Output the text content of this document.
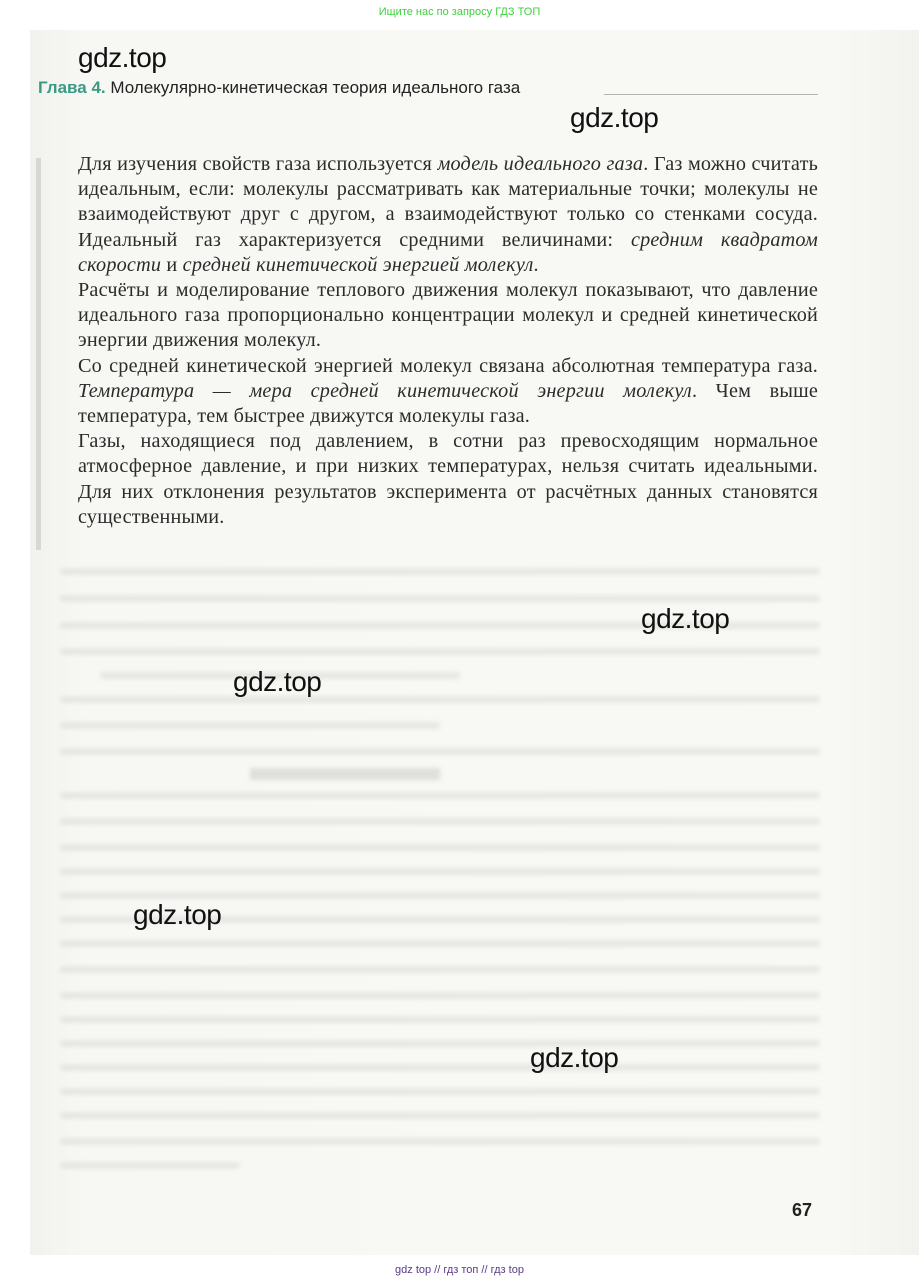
Ищите нас по запросу ГДЗ ТОП
gdz.top
Глава 4. Молекулярно-кинетическая теория идеального газа
gdz.top

Для изучения свойств газа используется модель идеального газа. Газ можно считать идеальным, если: молекулы рассматривать как материальные точки; молекулы не взаимодействуют друг с другом, а взаимодействуют только со стенками сосуда. Идеальный газ характеризуется средними величинами: средним квадратом скорости и средней кинетической энергией молекул.

Расчёты и моделирование теплового движения молекул показывают, что давление идеального газа пропорционально концентрации молекул и средней кинетической энергии движения молекул.

Со средней кинетической энергией молекул связана абсолютная температура газа. Температура — мера средней кинетической энергии молекул. Чем выше температура, тем быстрее движутся молекулы газа.

Газы, находящиеся под давлением, в сотни раз превосходящим нормальное атмосферное давление, и при низких температурах, нельзя считать идеальными. Для них отклонения результатов эксперимента от расчётных данных становятся существенными.

gdz.top
gdz.top
gdz.top
gdz.top
67
gdz top // гдз топ // гдз top
